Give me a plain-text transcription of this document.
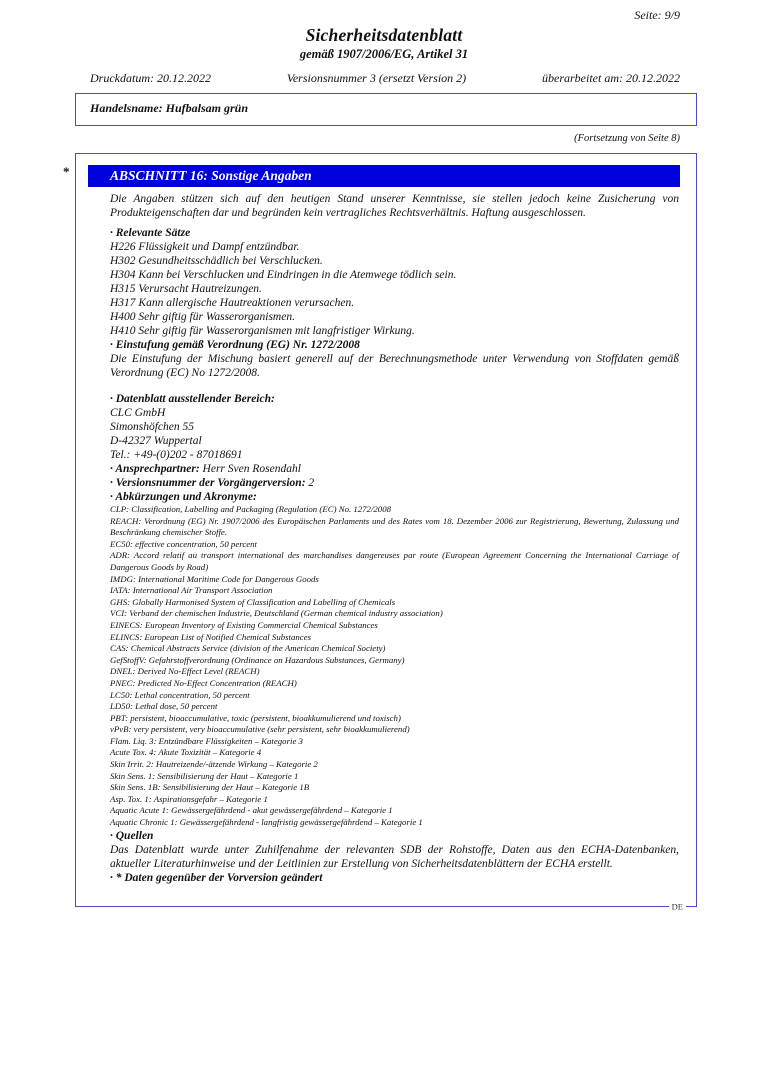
Seite: 9/9
Sicherheitsdatenblatt
gemäß 1907/2006/EG, Artikel 31
Druckdatum: 20.12.2022	Versionsnummer 3 (ersetzt Version 2)	überarbeitet am: 20.12.2022
Handelsname: Hufbalsam grün
(Fortsetzung von Seite 8)
*	ABSCHNITT 16: Sonstige Angaben

Die Angaben stützen sich auf den heutigen Stand unserer Kenntnisse, sie stellen jedoch keine Zusicherung von Produkteigenschaften dar und begründen kein vertragliches Rechtsverhältnis. Haftung ausgeschlossen.

· Relevante Sätze
H226 Flüssigkeit und Dampf entzündbar.
H302 Gesundheitsschädlich bei Verschlucken.
H304 Kann bei Verschlucken und Eindringen in die Atemwege tödlich sein.
H315 Verursacht Hautreizungen.
H317 Kann allergische Hautreaktionen verursachen.
H400 Sehr giftig für Wasserorganismen.
H410 Sehr giftig für Wasserorganismen mit langfristiger Wirkung.
· Einstufung gemäß Verordnung (EG) Nr. 1272/2008

Die Einstufung der Mischung basiert generell auf der Berechnungsmethode unter Verwendung von Stoffdaten gemäß Verordnung (EC) No 1272/2008.

· Datenblatt ausstellender Bereich:
CLC GmbH
Simonshöfchen 55
D-42327 Wuppertal
Tel.: +49-(0)202 - 87018691
· Ansprechpartner: Herr Sven Rosendahl
· Versionsnummer der Vorgängerversion: 2
· Abkürzungen und Akronyme:
CLP: Classification, Labelling and Packaging (Regulation (EC) No. 1272/2008
REACH: Verordnung (EG) Nr. 1907/2006 des Europäischen Parlaments und des Rates vom 18. Dezember 2006 zur Registrierung, Bewertung, Zulassung und Beschränkung chemischer Stoffe.
EC50: effective concentration, 50 percent
ADR: Accord relatif au transport international des marchandises dangereuses par route (European Agreement Concerning the International Carriage of Dangerous Goods by Road)
IMDG: International Maritime Code for Dangerous Goods
IATA: International Air Transport Association
GHS: Globally Harmonised System of Classification and Labelling of Chemicals
VCI: Verband der chemischen Industrie, Deutschland (German chemical industry association)
EINECS: European Inventory of Existing Commercial Chemical Substances
ELINCS: European List of Notified Chemical Substances
CAS: Chemical Abstracts Service (division of the American Chemical Society)
GefStoffV: Gefahrstoffverordnung (Ordinance on Hazardous Substances, Germany)
DNEL: Derived No-Effect Level (REACH)
PNEC: Predicted No-Effect Concentration (REACH)
LC50: Lethal concentration, 50 percent
LD50: Lethal dose, 50 percent
PBT: persistent, bioaccumulative, toxic (persistent, bioakkumulierend und toxisch)
vPvB: very persistent, very bioaccumulative (sehr persistent, sehr bioakkumulierend)
Flam. Liq. 3: Entzündbare Flüssigkeiten – Kategorie 3
Acute Tox. 4: Akute Toxizität – Kategorie 4
Skin Irrit. 2: Hautreizende/-ätzende Wirkung – Kategorie 2
Skin Sens. 1: Sensibilisierung der Haut – Kategorie 1
Skin Sens. 1B: Sensibilisierung der Haut – Kategorie 1B
Asp. Tox. 1: Aspirationsgefahr – Kategorie 1
Aquatic Acute 1: Gewässergefährdend - akut gewässergefährdend – Kategorie 1
Aquatic Chronic 1: Gewässergefährdend - langfristig gewässergefährdend – Kategorie 1
· Quellen

Das Datenblatt wurde unter Zuhilfenahme der relevanten SDB der Rohstoffe, Daten aus den ECHA-Datenbanken, aktueller Literaturhinweise und der Leitlinien zur Erstellung von Sicherheitsdatenblättern der ECHA erstellt.

· * Daten gegenüber der Vorversion geändert
DE
